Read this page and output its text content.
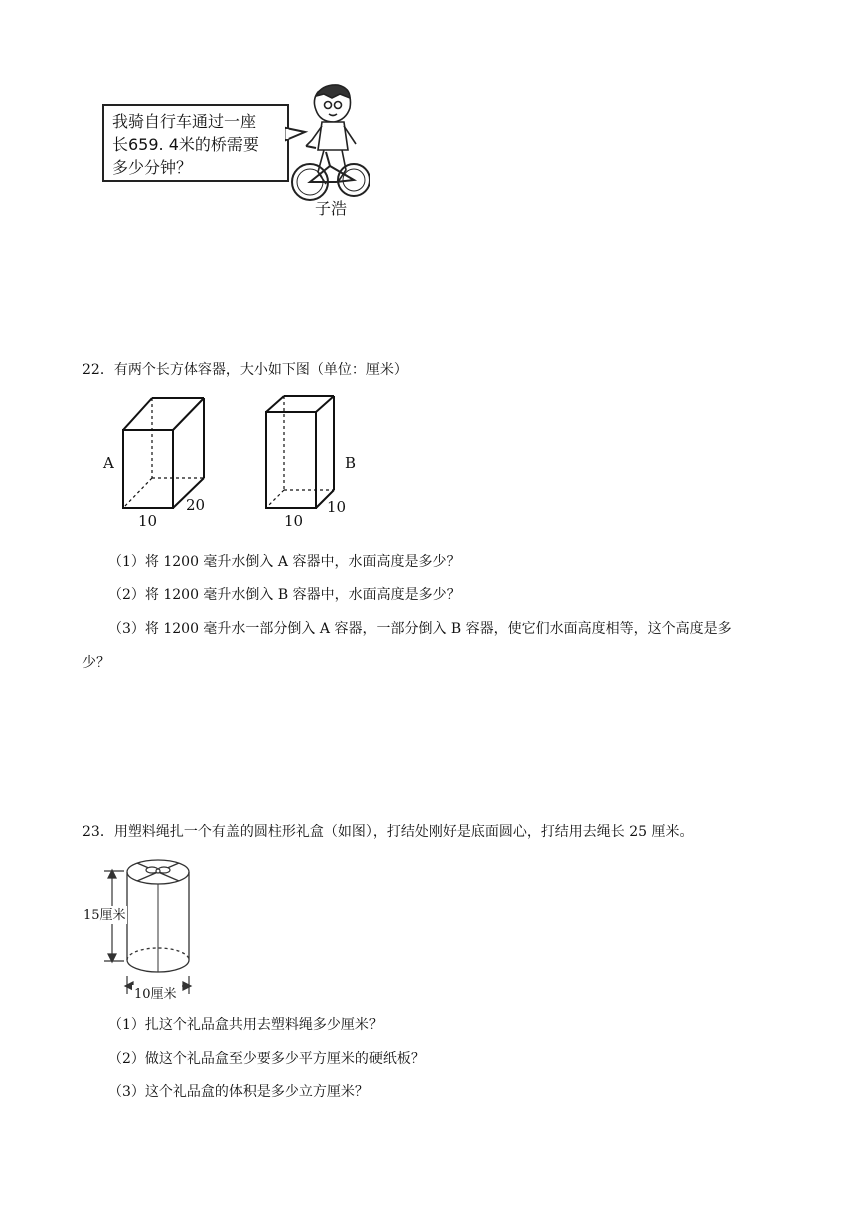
我骑自行车通过一座
长659. 4米的桥需要
多少分钟？
子浩
22．有两个长方体容器，大小如下图（单位：厘米）
A
10
20
B
10
10
（1）将 1200 毫升水倒入 A 容器中，水面高度是多少？
（2）将 1200 毫升水倒入 B 容器中，水面高度是多少？
（3）将 1200 毫升水一部分倒入 A 容器，一部分倒入 B 容器，使它们水面高度相等，这个高度是多
少？
23．用塑料绳扎一个有盖的圆柱形礼盒（如图），打结处刚好是底面圆心，打结用去绳长 25 厘米。
15厘米
10厘米
（1）扎这个礼品盒共用去塑料绳多少厘米？
（2）做这个礼品盒至少要多少平方厘米的硬纸板？
（3）这个礼品盒的体积是多少立方厘米？
